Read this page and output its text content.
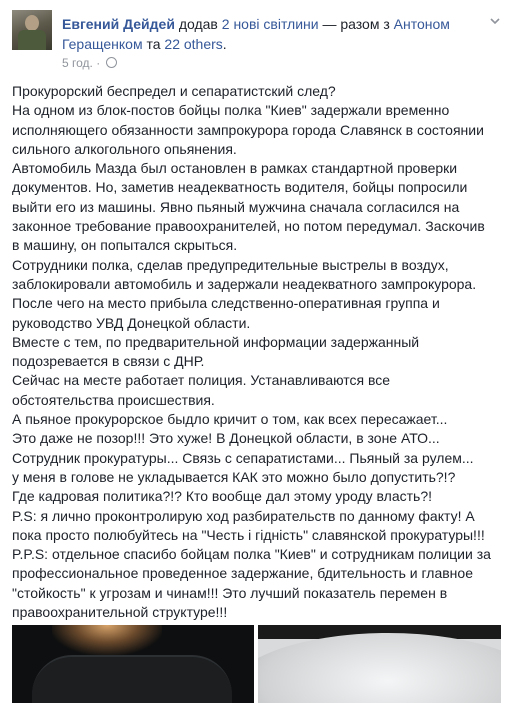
Евгений Дейдей додав 2 нові світлини — разом з Антоном Геращенком та 22 others.
5 год. ·
Прокурорский беспредел и сепаратистский след?
На одном из блок-постов бойцы полка "Киев" задержали временно
исполняющего обязанности зампрокурора города Славянск в состоянии
сильного алкогольного опьянения.
Автомобиль Мазда был остановлен в рамках стандартной проверки
документов. Но, заметив неадекватность водителя, бойцы попросили
выйти его из машины. Явно пьяный мужчина сначала согласился на
законное требование правоохранителей, но потом передумал. Заскочив
в машину, он попытался скрыться.
Сотрудники полка, сделав предупредительные выстрелы в воздух,
заблокировали автомобиль и задержали неадекватного зампрокурора.
После чего на место прибыла следственно-оперативная группа и
руководство УВД Донецкой области.
Вместе с тем, по предварительной информации задержанный
подозревается в связи с ДНР.
Сейчас на месте работает полиция. Устанавливаются все
обстоятельства происшествия.
А пьяное прокурорское быдло кричит о том, как всех пересажает...
Это даже не позор!!! Это хуже! В Донецкой области, в зоне АТО...
Сотрудник прокуратуры... Связь с сепаратистами... Пьяный за рулем...
у меня в голове не укладывается КАК это можно было допустить?!?
Где кадровая политика?!? Кто вообще дал этому уроду власть?!
P.S: я лично проконтролирую ход разбирательств по данному факту! А
пока просто полюбуйтесь на "Честь і гідність" славянской прокуратуры!!!
P.P.S: отдельное спасибо бойцам полка "Киев" и сотрудникам полиции за
профессиональное проведенное задержание, бдительность и главное
"стойкость" к угрозам и чинам!!! Это лучший показатель перемен в
правоохранительной структуре!!!
